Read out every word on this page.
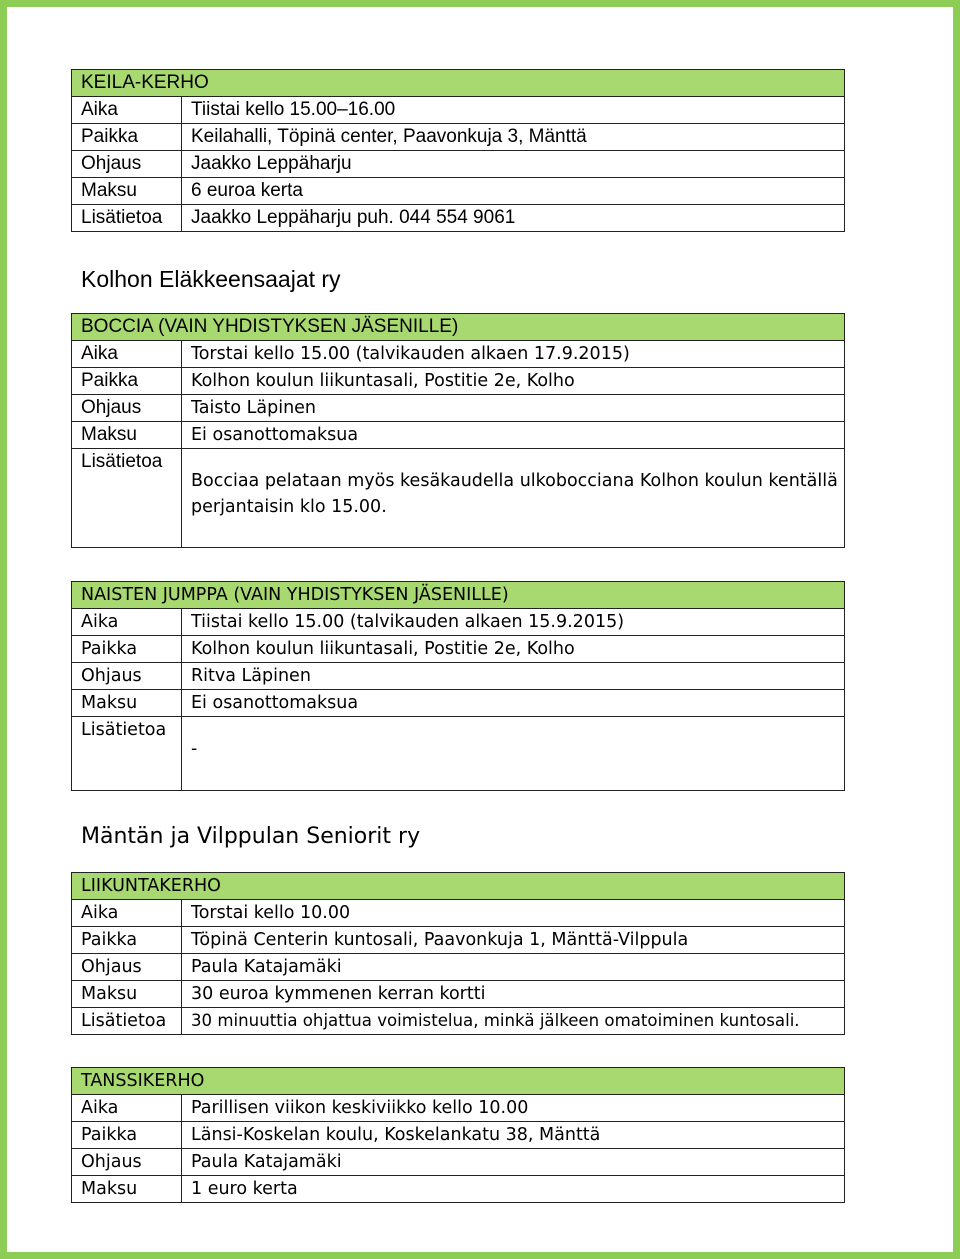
KEILA-KERHO	
Aika	Tiistai kello 15.00–16.00
Paikka	Keilahalli, Töpinä center, Paavonkuja 3, Mänttä
Ohjaus	Jaakko Leppäharju
Maksu	6 euroa kerta
Lisätietoa	Jaakko Leppäharju puh. 044 554 9061
Kolhon Eläkkeensaajat ry
BOCCIA (VAIN YHDISTYKSEN JÄSENILLE)	
Aika	Torstai kello 15.00 (talvikauden alkaen 17.9.2015)
Paikka	Kolhon koulun liikuntasali, Postitie 2e, Kolho
Ohjaus	Taisto Läpinen
Maksu	Ei osanottomaksua
Lisätietoa	Bocciaa pelataan myös kesäkaudella ulkobocciana Kolhon koulun kentällä perjantaisin klo 15.00.
NAISTEN JUMPPA (VAIN YHDISTYKSEN JÄSENILLE)	
Aika	Tiistai kello 15.00 (talvikauden alkaen 15.9.2015)
Paikka	Kolhon koulun liikuntasali, Postitie 2e, Kolho
Ohjaus	Ritva Läpinen
Maksu	Ei osanottomaksua
Lisätietoa	-
Mäntän ja Vilppulan Seniorit ry
LIIKUNTAKERHO	
Aika	Torstai kello 10.00
Paikka	Töpinä Centerin kuntosali, Paavonkuja 1, Mänttä-Vilppula
Ohjaus	Paula Katajamäki
Maksu	30 euroa kymmenen kerran kortti
Lisätietoa	30 minuuttia ohjattua voimistelua, minkä jälkeen omatoiminen kuntosali.
TANSSIKERHO	
Aika	Parillisen viikon keskiviikko kello 10.00
Paikka	Länsi-Koskelan koulu, Koskelankatu 38, Mänttä
Ohjaus	Paula Katajamäki
Maksu	1 euro kerta
